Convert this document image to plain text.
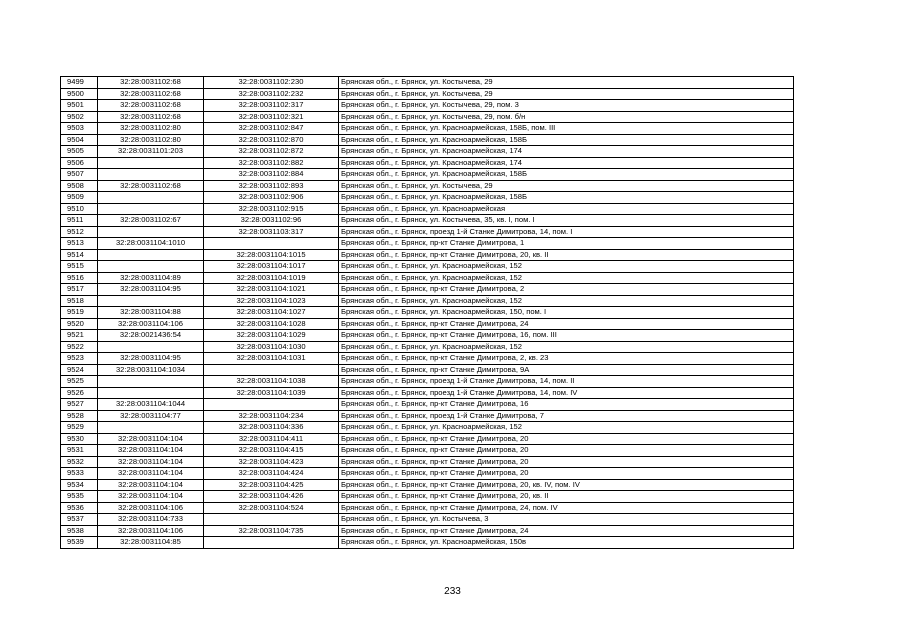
9499	32:28:0031102:68	32:28:0031102:230	Брянская обл., г. Брянск, ул. Костычева, 29
9500	32:28:0031102:68	32:28:0031102:232	Брянская обл., г. Брянск, ул. Костычева, 29
9501	32:28:0031102:68	32:28:0031102:317	Брянская обл., г. Брянск, ул. Костычева, 29, пом. 3
9502	32:28:0031102:68	32:28:0031102:321	Брянская обл., г. Брянск, ул. Костычева, 29, пом. б/н
9503	32:28:0031102:80	32:28:0031102:847	Брянская обл., г. Брянск, ул. Красноармейская, 158Б, пом. III
9504	32:28:0031102:80	32:28:0031102:870	Брянская обл., г. Брянск, ул. Красноармейская, 158Б
9505	32:28:0031101:203	32:28:0031102:872	Брянская обл., г. Брянск, ул. Красноармейская, 174
9506		32:28:0031102:882	Брянская обл., г. Брянск, ул. Красноармейская, 174
9507		32:28:0031102:884	Брянская обл., г. Брянск, ул. Красноармейская, 158Б
9508	32:28:0031102:68	32:28:0031102:893	Брянская обл., г. Брянск, ул. Костычева, 29
9509		32:28:0031102:906	Брянская обл., г. Брянск, ул. Красноармейская, 158Б
9510		32:28:0031102:915	Брянская обл., г. Брянск, ул. Красноармейская
9511	32:28:0031102:67	32:28:0031102:96	Брянская обл., г. Брянск, ул. Костычева, 35, кв. I, пом. I
9512		32:28:0031103:317	Брянская обл., г. Брянск, проезд 1-й Станке Димитрова, 14, пом. I
9513	32:28:0031104:1010		Брянская обл., г. Брянск, пр-кт Станке Димитрова, 1
9514		32:28:0031104:1015	Брянская обл., г. Брянск, пр-кт Станке Димитрова, 20, кв. II
9515		32:28:0031104:1017	Брянская обл., г. Брянск, ул. Красноармейская, 152
9516	32:28:0031104:89	32:28:0031104:1019	Брянская обл., г. Брянск, ул. Красноармейская, 152
9517	32:28:0031104:95	32:28:0031104:1021	Брянская обл., г. Брянск, пр-кт Станке Димитрова, 2
9518		32:28:0031104:1023	Брянская обл., г. Брянск, ул. Красноармейская, 152
9519	32:28:0031104:88	32:28:0031104:1027	Брянская обл., г. Брянск, ул. Красноармейская, 150, пом. I
9520	32:28:0031104:106	32:28:0031104:1028	Брянская обл., г. Брянск, пр-кт Станке Димитрова, 24
9521	32:28:0021436:54	32:28:0031104:1029	Брянская обл., г. Брянск, пр-кт Станке Димитрова, 16, пом. III
9522		32:28:0031104:1030	Брянская обл., г. Брянск, ул. Красноармейская, 152
9523	32:28:0031104:95	32:28:0031104:1031	Брянская обл., г. Брянск, пр-кт Станке Димитрова, 2, кв. 23
9524	32:28:0031104:1034		Брянская обл., г. Брянск, пр-кт Станке Димитрова, 9А
9525		32:28:0031104:1038	Брянская обл., г. Брянск, проезд 1-й Станке Димитрова, 14, пом. II
9526		32:28:0031104:1039	Брянская обл., г. Брянск, проезд 1-й Станке Димитрова, 14, пом. IV
9527	32:28:0031104:1044		Брянская обл., г. Брянск, пр-кт Станке Димитрова, 16
9528	32:28:0031104:77	32:28:0031104:234	Брянская обл., г. Брянск, проезд 1-й Станке Димитрова, 7
9529		32:28:0031104:336	Брянская обл., г. Брянск, ул. Красноармейская, 152
9530	32:28:0031104:104	32:28:0031104:411	Брянская обл., г. Брянск, пр-кт Станке Димитрова, 20
9531	32:28:0031104:104	32:28:0031104:415	Брянская обл., г. Брянск, пр-кт Станке Димитрова, 20
9532	32:28:0031104:104	32:28:0031104:423	Брянская обл., г. Брянск, пр-кт Станке Димитрова, 20
9533	32:28:0031104:104	32:28:0031104:424	Брянская обл., г. Брянск, пр-кт Станке Димитрова, 20
9534	32:28:0031104:104	32:28:0031104:425	Брянская обл., г. Брянск, пр-кт Станке Димитрова, 20, кв. IV, пом. IV
9535	32:28:0031104:104	32:28:0031104:426	Брянская обл., г. Брянск, пр-кт Станке Димитрова, 20, кв. II
9536	32:28:0031104:106	32:28:0031104:524	Брянская обл., г. Брянск, пр-кт Станке Димитрова, 24, пом. IV
9537	32:28:0031104:733		Брянская обл., г. Брянск, ул. Костычева, 3
9538	32:28:0031104:106	32:28:0031104:735	Брянская обл., г. Брянск, пр-кт Станке Димитрова, 24
9539	32:28:0031104:85		Брянская обл., г. Брянск, ул. Красноармейская, 150в
233
